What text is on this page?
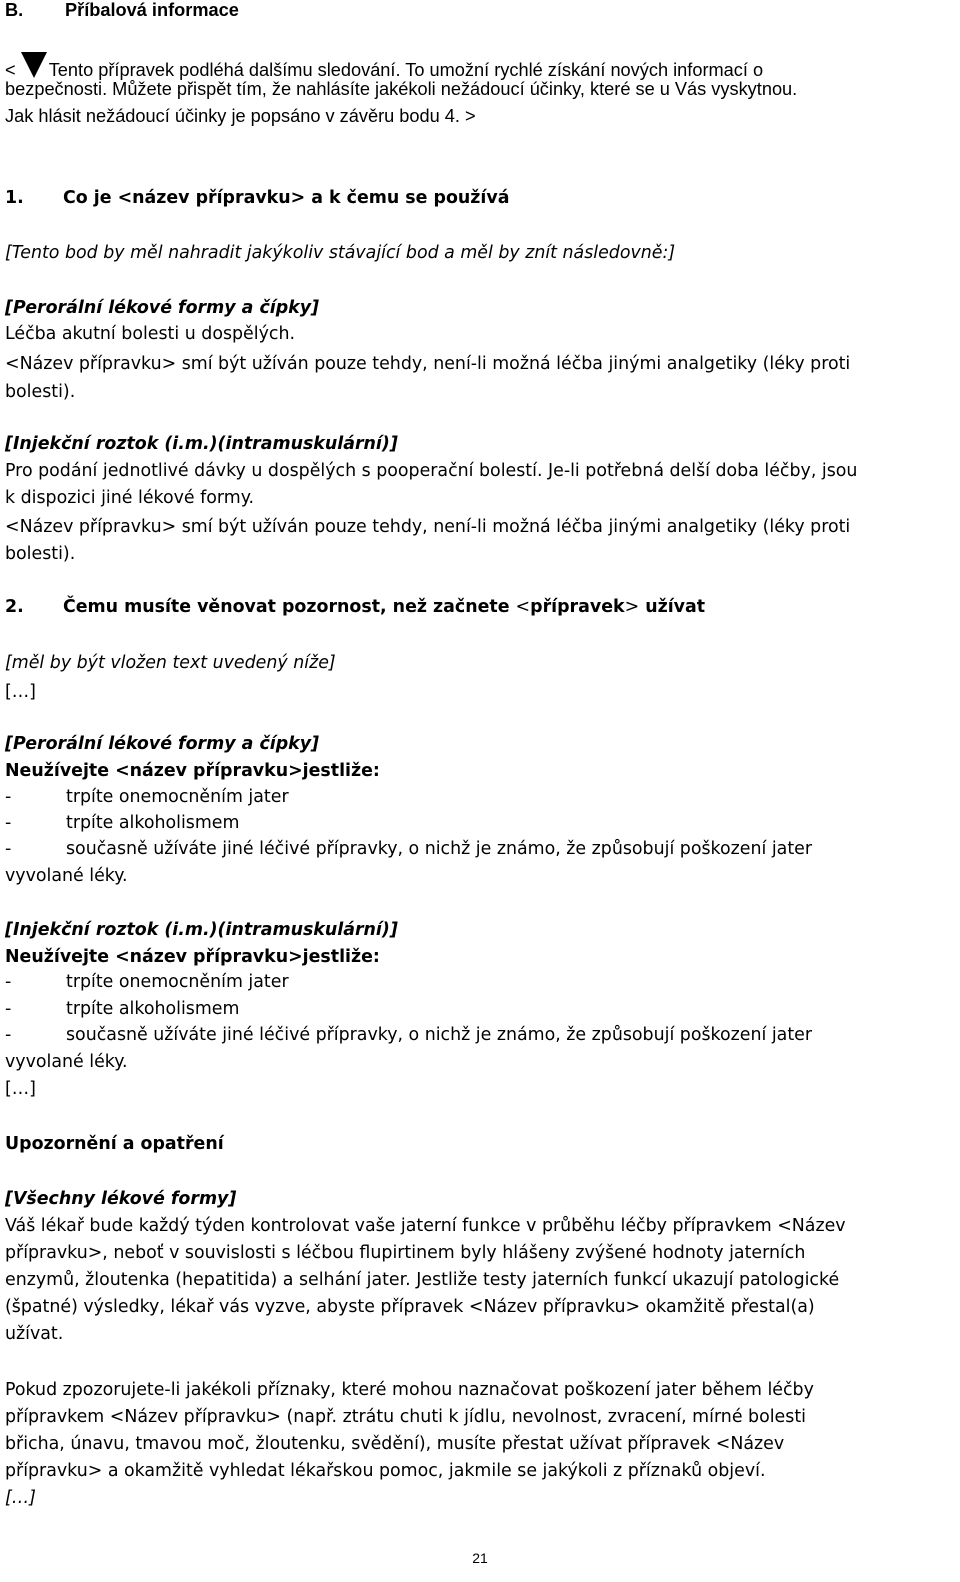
B. Příbalová informace
< Tento přípravek podléhá dalšímu sledování. To umožní rychlé získání nových informací o
bezpečnosti. Můžete přispět tím, že nahlásíte jakékoli nežádoucí účinky, které se u Vás vyskytnou.
Jak hlásit nežádoucí účinky je popsáno v závěru bodu 4. >
1. Co je <název přípravku> a k čemu se používá
[Tento bod by měl nahradit jakýkoliv stávající bod a měl by znít následovně:]
[Perorální lékové formy a čípky]
Léčba akutní bolesti u dospělých.
<Název přípravku> smí být užíván pouze tehdy, není-li možná léčba jinými analgetiky (léky proti
bolesti).
[Injekční roztok (i.m.)(intramuskulární)]
Pro podání jednotlivé dávky u dospělých s pooperační bolestí. Je-li potřebná delší doba léčby, jsou
k dispozici jiné lékové formy.
<Název přípravku> smí být užíván pouze tehdy, není-li možná léčba jinými analgetiky (léky proti
bolesti).
2. Čemu musíte věnovat pozornost, než začnete <přípravek> užívat
[měl by být vložen text uvedený níže]
[…]
[Perorální lékové formy a čípky]
Neužívejte <název přípravku>jestliže:
-	trpíte onemocněním jater
-	trpíte alkoholismem
-	současně užíváte jiné léčivé přípravky, o nichž je známo, že způsobují poškození jater
vyvolané léky.
[Injekční roztok (i.m.)(intramuskulární)]
Neužívejte <název přípravku>jestliže:
-	trpíte onemocněním jater
-	trpíte alkoholismem
-	současně užíváte jiné léčivé přípravky, o nichž je známo, že způsobují poškození jater
vyvolané léky.
[…]
Upozornění a opatření
[Všechny lékové formy]
Váš lékař bude každý týden kontrolovat vaše jaterní funkce v průběhu léčby přípravkem <Název
přípravku>, neboť v souvislosti s léčbou flupirtinem byly hlášeny zvýšené hodnoty jaterních
enzymů, žloutenka (hepatitida) a selhání jater. Jestliže testy jaterních funkcí ukazují patologické
(špatné) výsledky, lékař vás vyzve, abyste přípravek <Název přípravku> okamžitě přestal(a)
užívat.
Pokud zpozorujete-li jakékoli příznaky, které mohou naznačovat poškození jater během léčby
přípravkem <Název přípravku> (např. ztrátu chuti k jídlu, nevolnost, zvracení, mírné bolesti
břicha, únavu, tmavou moč, žloutenku, svědění), musíte přestat užívat přípravek <Název
přípravku> a okamžitě vyhledat lékařskou pomoc, jakmile se jakýkoli z příznaků objeví.
[…]
21
